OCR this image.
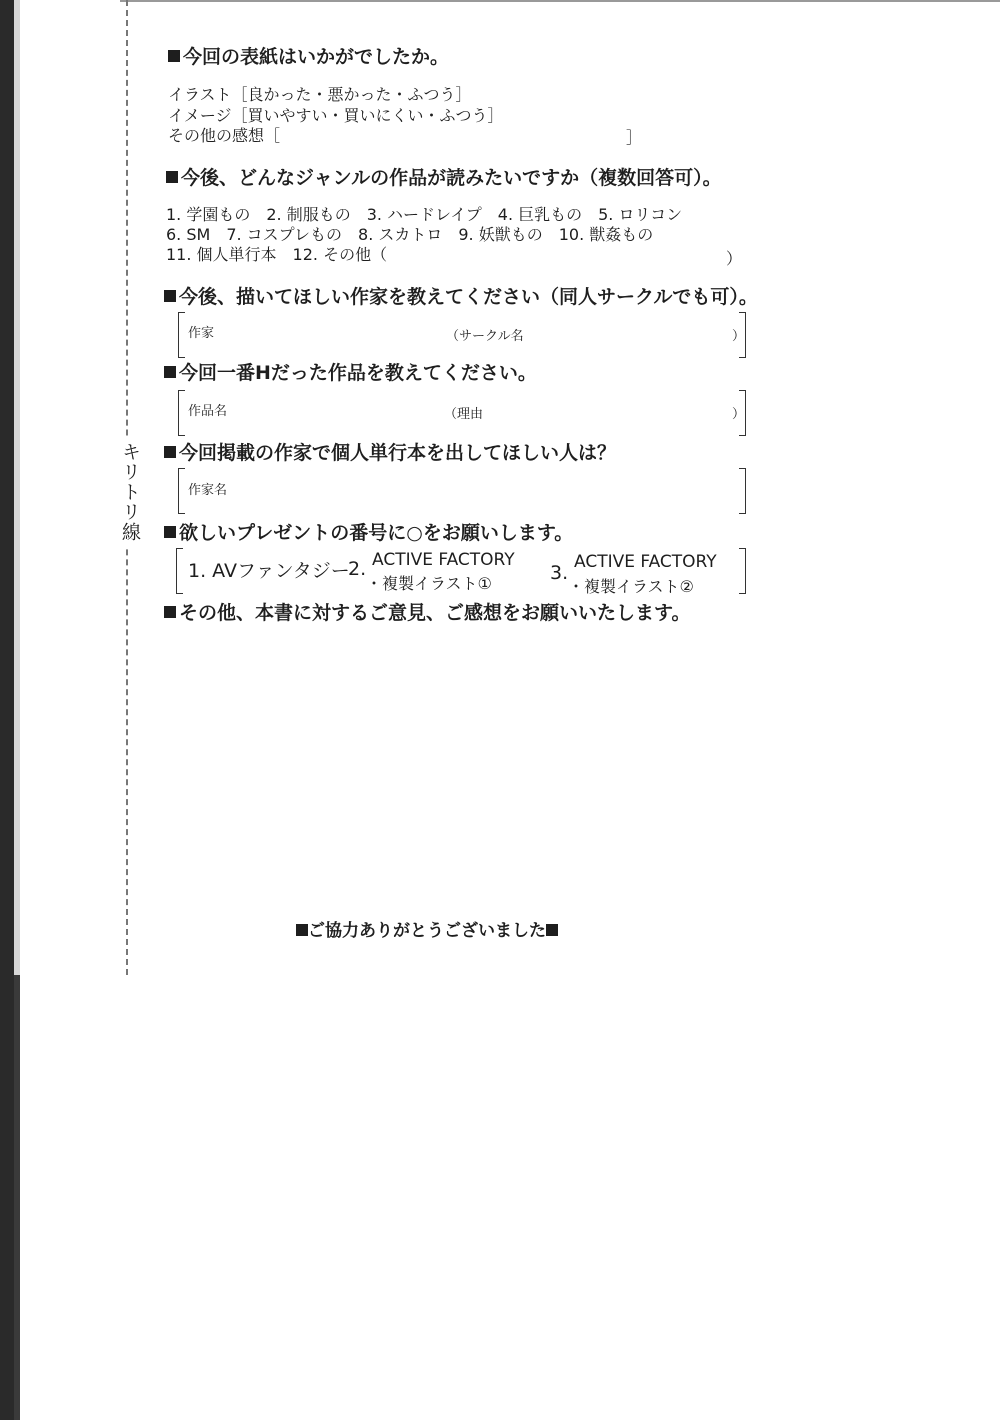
キリトリ線
今回の表紙はいかがでしたか。
イラスト［良かった・悪かった・ふつう］
イメージ［買いやすい・買いにくい・ふつう］
その他の感想［	］
今後、どんなジャンルの作品が読みたいですか（複数回答可）。
1. 学園もの　2. 制服もの　3. ハードレイプ　4. 巨乳もの　5. ロリコン
6. SM　7. コスプレもの　8. スカトロ　9. 妖獣もの　10. 獣姦もの
11. 個人単行本　12. その他（	）
今後、描いてほしい作家を教えてください（同人サークルでも可）。
作家	（サークル名	）
今回一番Hだった作品を教えてください。
作品名	（理由	）
今回掲載の作家で個人単行本を出してほしい人は？
作家名
欲しいプレゼントの番号に○をお願いします。
1. AVファンタジー
2. ACTIVE FACTORY
・複製イラスト①	3. ACTIVE FACTORY
・複製イラスト②
その他、本書に対するご意見、ご感想をお願いいたします。
ご協力ありがとうございました
